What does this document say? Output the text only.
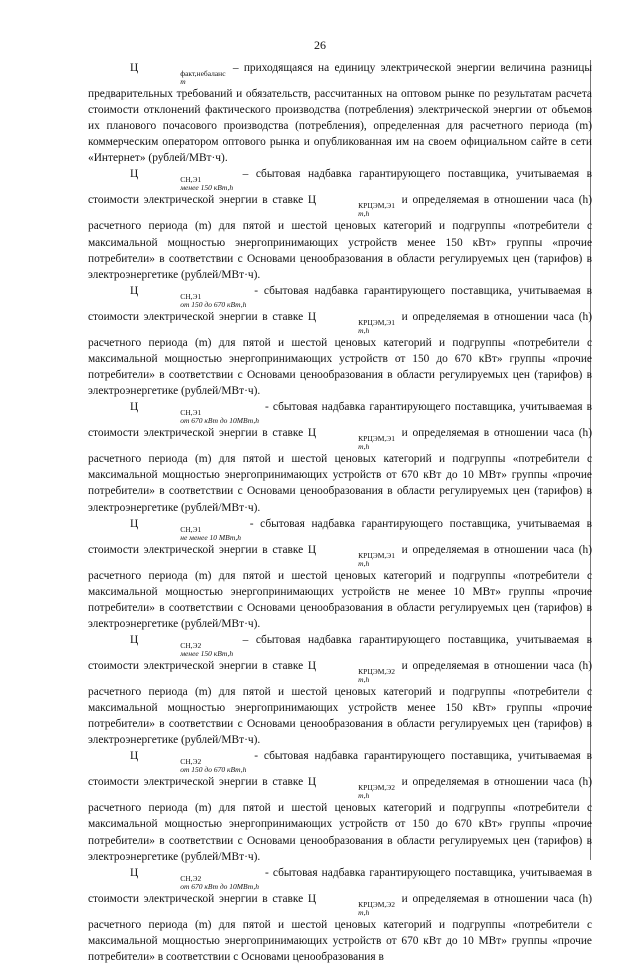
26

Ц	факт,небаланс
m
– приходящаяся на единицу электрической энергии величина разницы предварительных требований и обязательств, рассчитанных на оптовом рынке по результатам расчета стоимости отклонений фактического производства (потребления) электрической энергии от объемов их планового почасового производства (потребления), определенная для расчетного периода (m) коммерческим оператором оптового рынка и опубликованная им на своем официальном сайте в сети «Интернет» (рублей/МВт·ч).

Ц	СН,Э1
менее 150 кВт,h
– сбытовая надбавка гарантирующего поставщика, учитываемая в стоимости электрической энергии в ставке Ц	КРЦЭМ,Э1
m,h
и определяемая в отношении часа (h) расчетного периода (m) для пятой и шестой ценовых категорий и подгруппы «потребители с максимальной мощностью энергопринимающих устройств менее 150 кВт» группы «прочие потребители» в соответствии с Основами ценообразования в области регулируемых цен (тарифов) в электроэнергетике (рублей/МВт·ч).

Ц	СН,Э1
от 150 до 670 кВт,h
- сбытовая надбавка гарантирующего поставщика, учитываемая в стоимости электрической энергии в ставке Ц	КРЦЭМ,Э1
m,h
и определяемая в отношении часа (h) расчетного периода (m) для пятой и шестой ценовых категорий и подгруппы «потребители с максимальной мощностью энергопринимающих устройств от 150 до 670 кВт» группы «прочие потребители» в соответствии с Основами ценообразования в области регулируемых цен (тарифов) в электроэнергетике (рублей/МВт·ч).

Ц	СН,Э1
от 670 кВт до 10МВт,h
- сбытовая надбавка гарантирующего поставщика, учитываемая в стоимости электрической энергии в ставке Ц	КРЦЭМ,Э1
m,h
и определяемая в отношении часа (h) расчетного периода (m) для пятой и шестой ценовых категорий и подгруппы «потребители с максимальной мощностью энергопринимающих устройств от 670 кВт до 10 МВт» группы «прочие потребители» в соответствии с Основами ценообразования в области регулируемых цен (тарифов) в электроэнергетике (рублей/МВт·ч).

Ц	СН,Э1
не менее 10 МВт,h
- сбытовая надбавка гарантирующего поставщика, учитываемая в стоимости электрической энергии в ставке Ц	КРЦЭМ,Э1
m,h
и определяемая в отношении часа (h) расчетного периода (m) для пятой и шестой ценовых категорий и подгруппы «потребители с максимальной мощностью энергопринимающих устройств не менее 10 МВт» группы «прочие потребители» в соответствии с Основами ценообразования в области регулируемых цен (тарифов) в электроэнергетике (рублей/МВт·ч).

Ц	СН,Э2
менее 150 кВт,h
– сбытовая надбавка гарантирующего поставщика, учитываемая в стоимости электрической энергии в ставке Ц	КРЦЭМ,Э2
m,h
и определяемая в отношении часа (h) расчетного периода (m) для пятой и шестой ценовых категорий и подгруппы «потребители с максимальной мощностью энергопринимающих устройств менее 150 кВт» группы «прочие потребители» в соответствии с Основами ценообразования в области регулируемых цен (тарифов) в электроэнергетике (рублей/МВт·ч).

Ц	СН,Э2
от 150 до 670 кВт,h
- сбытовая надбавка гарантирующего поставщика, учитываемая в стоимости электрической энергии в ставке Ц	КРЦЭМ,Э2
m,h
и определяемая в отношении часа (h) расчетного периода (m) для пятой и шестой ценовых категорий и подгруппы «потребители с максимальной мощностью энергопринимающих устройств от 150 до 670 кВт» группы «прочие потребители» в соответствии с Основами ценообразования в области регулируемых цен (тарифов) в электроэнергетике (рублей/МВт·ч).

Ц	СН,Э2
от 670 кВт до 10МВт,h
- сбытовая надбавка гарантирующего поставщика, учитываемая в стоимости электрической энергии в ставке Ц	КРЦЭМ,Э2
m,h
и определяемая в отношении часа (h) расчетного периода (m) для пятой и шестой ценовых категорий и подгруппы «потребители с максимальной мощностью энергопринимающих устройств от 670 кВт до 10 МВт» группы «прочие потребители» в соответствии с Основами ценообразования в
